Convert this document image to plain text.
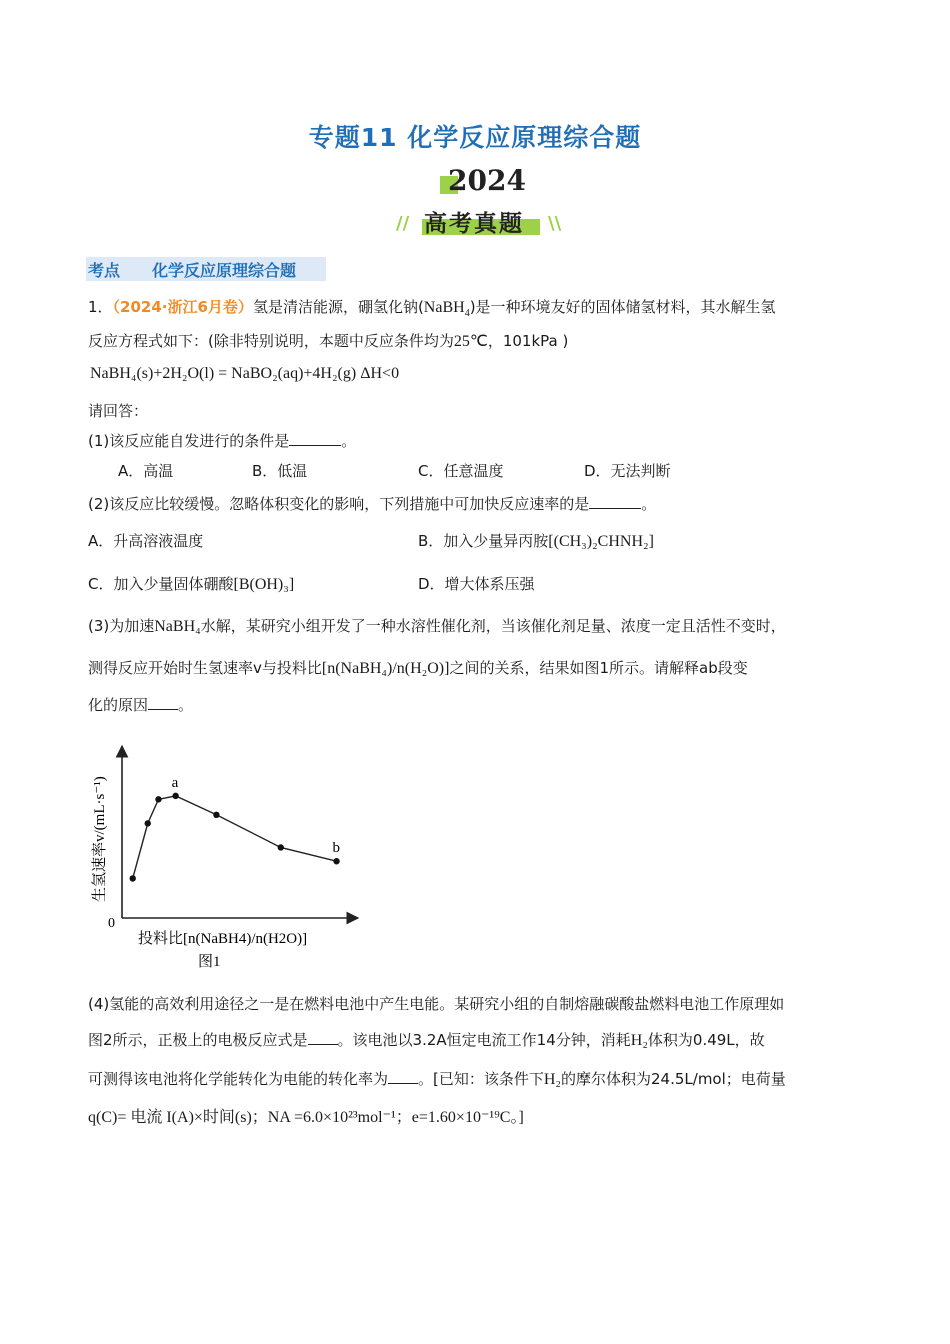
专题11 化学反应原理综合题
2024
// 高考真题 \\
考点 化学反应原理综合题
1．（2024·浙江6月卷）氢是清洁能源，硼氢化钠(NaBH$_4$)是一种环境友好的固体储氢材料，其水解生氢
反应方程式如下：(除非特别说明，本题中反应条件均为25℃，101kPa )
NaBH₄(s)+2H₂O(l) = NaBO₂(aq)+4H₂(g) ΔH<0
请回答：
(1)该反应能自发进行的条件是	。
A．高温	B．低温	C．任意温度	D．无法判断
(2)该反应比较缓慢。忽略体积变化的影响，下列措施中可加快反应速率的是	。
A．升高溶液温度	B．加入少量异丙胺[(CH₃)₂CHNH₂]
C．加入少量固体硼酸[B(OH)₃]	D．增大体系压强
(3)为加速NaBH₄水解，某研究小组开发了一种水溶性催化剂，当该催化剂足量、浓度一定且活性不变时，
测得反应开始时生氢速率v与投料比[n(NaBH₄)/n(H₂O)]之间的关系，结果如图1所示。请解释ab段变
化的原因 。
0
生氢速率v/(mL·s⁻¹)
投料比[n(NaBH4)/n(H2O)]
图1
a
b
(4)氢能的高效利用途径之一是在燃料电池中产生电能。某研究小组的自制熔融碳酸盐燃料电池工作原理如
图2所示，正极上的电极反应式是 。该电池以3.2A恒定电流工作14分钟，消耗H₂体积为0.49L，故
可测得该电池将化学能转化为电能的转化率为 。[已知：该条件下H₂的摩尔体积为24.5L/mol；电荷量
q(C)= 电流 I(A)×时间(s)；NA =6.0×10²³mol⁻¹；e=1.60×10⁻¹⁹C。]
